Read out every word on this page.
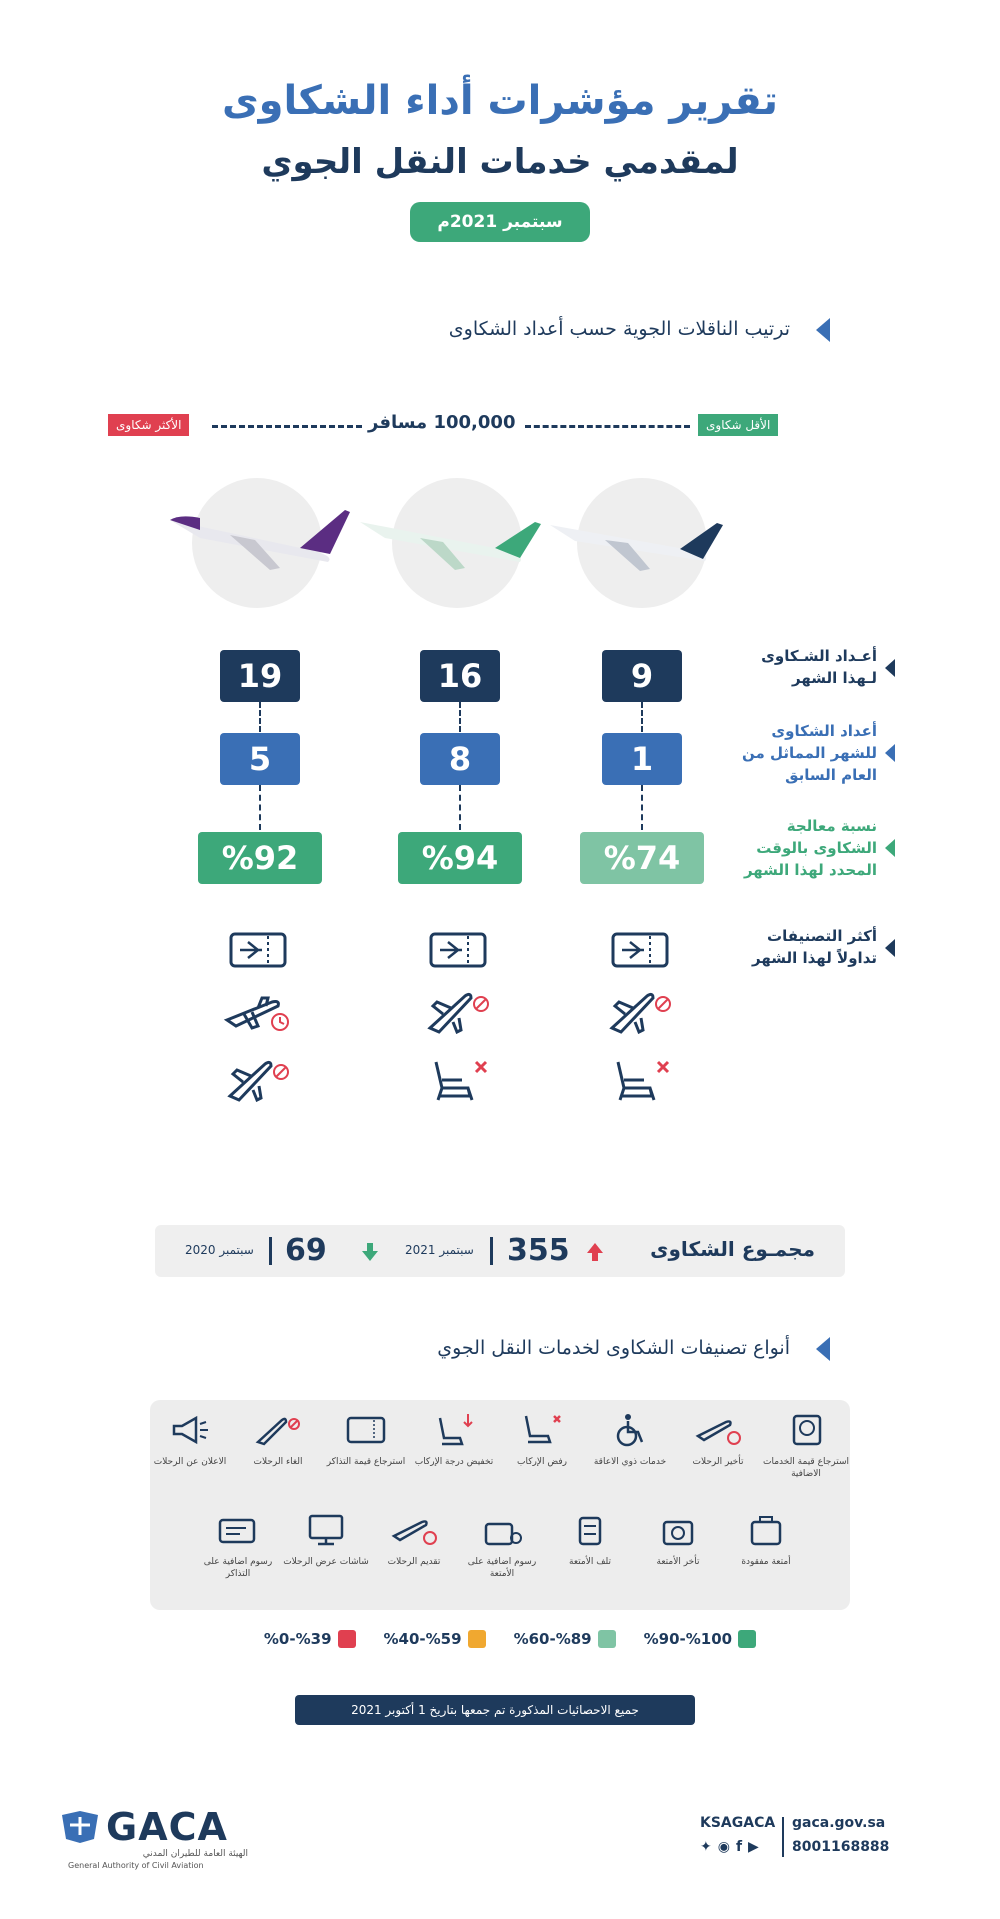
تقرير مؤشرات أداء الشكاوى
لمقدمي خدمات النقل الجوي
سبتمبر 2021م
ترتيب الناقلات الجوية حسب أعداد الشكاوى
الأكثر شكاوى	100,000 مسافر	الأقل شكاوى
أعـداد الشـكاوى
لـهذا الشهر
أعداد الشكاوى
للشهر المماثل من
العام السابق
نسبة معالجة
الشكاوى بالوقت
المحدد لهذا الشهر
أكثر التصنيفات
تداولاً لهذا الشهر
19
5
%92
16
8
%94
9
1
%74
مجمـوع الشكاوى
355
سبتمبر 2021
69
سبتمبر 2020
أنواع تصنيفات الشكاوى لخدمات النقل الجوي
استرجاع قيمة الخدمات الاضافية
تأخير الرحلات
خدمات ذوي الاعاقة
رفض الإركاب
تخفيض درجة الإركاب
استرجاع قيمة التذاكر
الغاء الرحلات
الاعلان عن الرحلات
أمتعة مفقودة
تأخر الأمتعة
تلف الأمتعة
رسوم اضافية على الأمتعة
تقديم الرحلات
شاشات عرض الرحلات
رسوم اضافية على التذاكر
%90-%100
%60-%89
%40-%59
%0-%39
جميع الاحصائيات المذكورة تم جمعها بتاريخ 1 أكتوبر 2021
GACA
الهيئة العامة للطيران المدني
General Authority of Civil Aviation
KSAGACA
✦ ◉ f ▶
gaca.gov.sa
8001168888
